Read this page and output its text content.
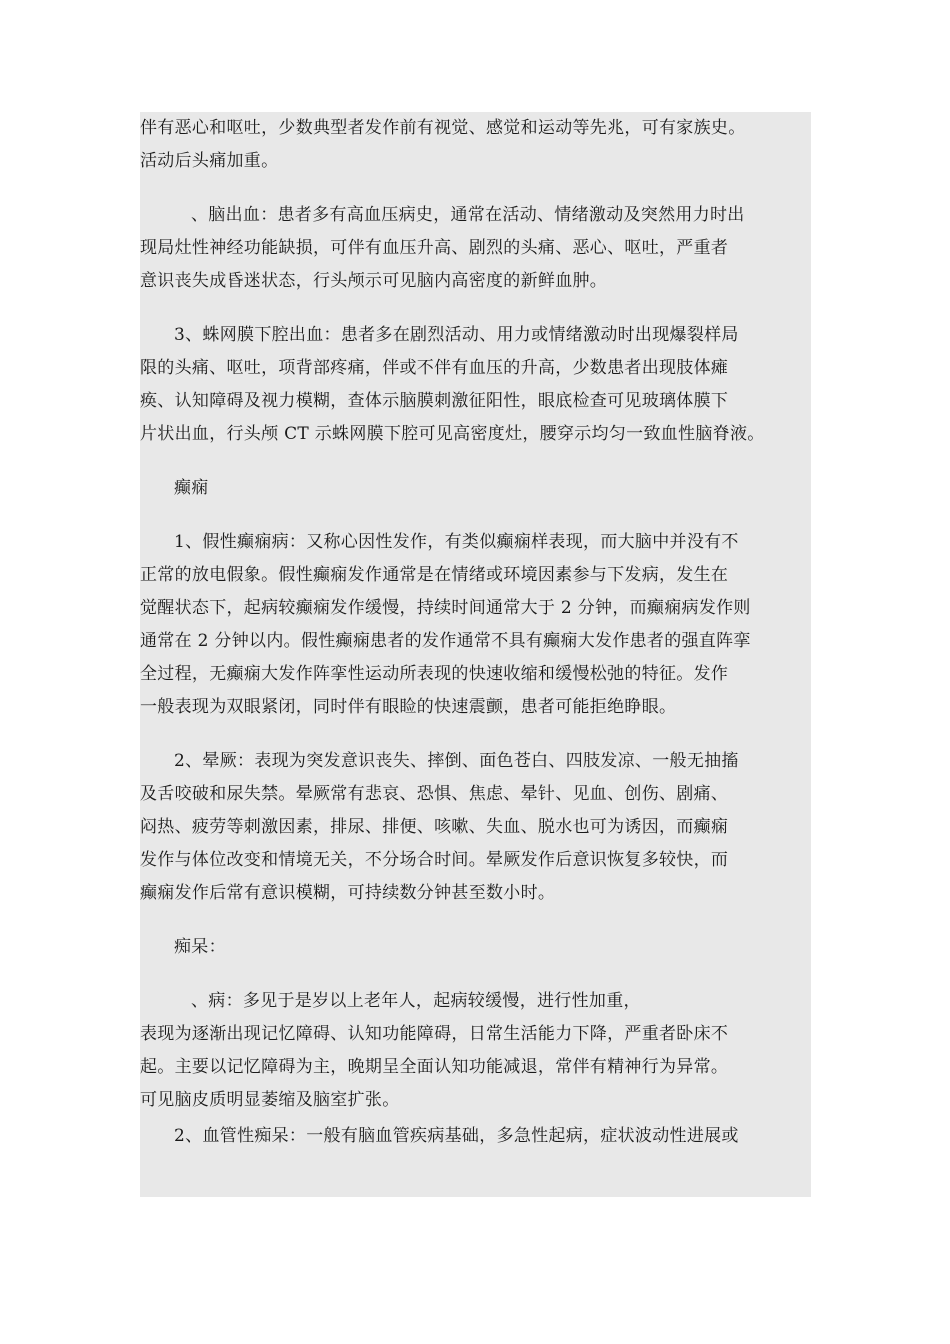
伴有恶心和呕吐，少数典型者发作前有视觉、感觉和运动等先兆，可有家族史。
活动后头痛加重。
、脑出血：患者多有高血压病史，通常在活动、情绪激动及突然用力时出
现局灶性神经功能缺损，可伴有血压升高、剧烈的头痛、恶心、呕吐，严重者
意识丧失成昏迷状态，行头颅示可见脑内高密度的新鲜血肿。
3、蛛网膜下腔出血：患者多在剧烈活动、用力或情绪激动时出现爆裂样局
限的头痛、呕吐，项背部疼痛，伴或不伴有血压的升高，少数患者出现肢体瘫
痪、认知障碍及视力模糊，查体示脑膜刺激征阳性，眼底检查可见玻璃体膜下
片状出血，行头颅 CT 示蛛网膜下腔可见高密度灶，腰穿示均匀一致血性脑脊液。
癫痫
1、假性癫痫病：又称心因性发作，有类似癫痫样表现，而大脑中并没有不
正常的放电假象。假性癫痫发作通常是在情绪或环境因素参与下发病，发生在
觉醒状态下，起病较癫痫发作缓慢，持续时间通常大于 2 分钟，而癫痫病发作则
通常在 2 分钟以内。假性癫痫患者的发作通常不具有癫痫大发作患者的强直阵挛
全过程，无癫痫大发作阵挛性运动所表现的快速收缩和缓慢松弛的特征。发作
一般表现为双眼紧闭，同时伴有眼睑的快速震颤，患者可能拒绝睁眼。
2、晕厥：表现为突发意识丧失、摔倒、面色苍白、四肢发凉、一般无抽搐
及舌咬破和尿失禁。晕厥常有悲哀、恐惧、焦虑、晕针、见血、创伤、剧痛、
闷热、疲劳等刺激因素，排尿、排便、咳嗽、失血、脱水也可为诱因，而癫痫
发作与体位改变和情境无关，不分场合时间。晕厥发作后意识恢复多较快，而
癫痫发作后常有意识模糊，可持续数分钟甚至数小时。
痴呆：
、病：多见于是岁以上老年人，起病较缓慢，进行性加重，
表现为逐渐出现记忆障碍、认知功能障碍，日常生活能力下降，严重者卧床不
起。主要以记忆障碍为主，晚期呈全面认知功能减退，常伴有精神行为异常。
可见脑皮质明显萎缩及脑室扩张。
2、血管性痴呆：一般有脑血管疾病基础，多急性起病，症状波动性进展或
